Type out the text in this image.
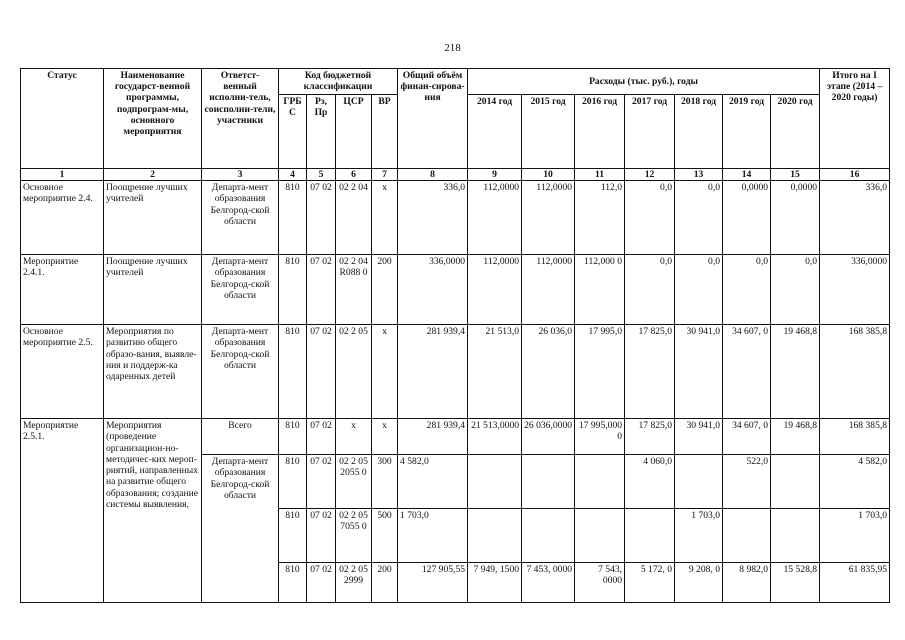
218
Статус	Наименование государст-венной программы, подпрограм-мы, основного мероприятия	Ответст-венный исполни-тель, соисполни-тели, участники	Код бюджетной классификации				Общий объём финан-сирова-ния	Расходы (тыс. руб.), годы							Итого на I этапе (2014 – 2020 годы)
			ГРБ С	Рз, Пр	ЦСР	ВР		2014 год	2015 год	2016 год	2017 год	2018 год	2019 год	2020 год	
1	2	3	4	5	6	7	8	9	10	11	12	13	14	15	16
Основное мероприятие 2.4.	Поощрение лучших учителей	Департа-мент образования Белгород-ской области	810	07 02	02 2 04	х	336,0	112,0000	112,0000	112,0	0,0	0,0	0,0000	0,0000	336,0
Мероприятие 2.4.1.	Поощрение лучших учителей	Департа-мент образования Белгород-ской области	810	07 02	02 2 04 R088 0	200	336,0000	112,0000	112,0000	112,000 0	0,0	0,0	0,0	0,0	336,0000
Основное мероприятие 2.5.	Мероприятия по развитию общего образо-вания, выявле-ния и поддерж-ка одаренных детей	Департа-мент образования Белгород-ской области	810	07 02	02 2 05	х	281 939,4	21 513,0	26 036,0	17 995,0	17 825,0	30 941,0	34 607, 0	19 468,8	168 385,8
Мероприятие 2.5.1.	Мероприятия (проведение организацион-но-методичес-ких мероп-риятий, направленных на развитие общего образования; создание системы выявления,	Всего	810	07 02	х	х	281 939,4	21 513,0000	26 036,0000	17 995,000 0	17 825,0	30 941,0	34 607, 0	19 468,8	168 385,8
		Департа-мент образования Белгород-ской области	810	07 02	02 2 05 2055 0	300	4 582,0				4 060,0		522,0		4 582,0
			810	07 02	02 2 05 7055 0	500	1 703,0					1 703,0			1 703,0
			810	07 02	02 2 05 2999	200	127 905,55	7 949, 1500	7 453, 0000	7 543, 0000	5 172, 0	9 208, 0	8 982,0	15 528,8	61 835,95
